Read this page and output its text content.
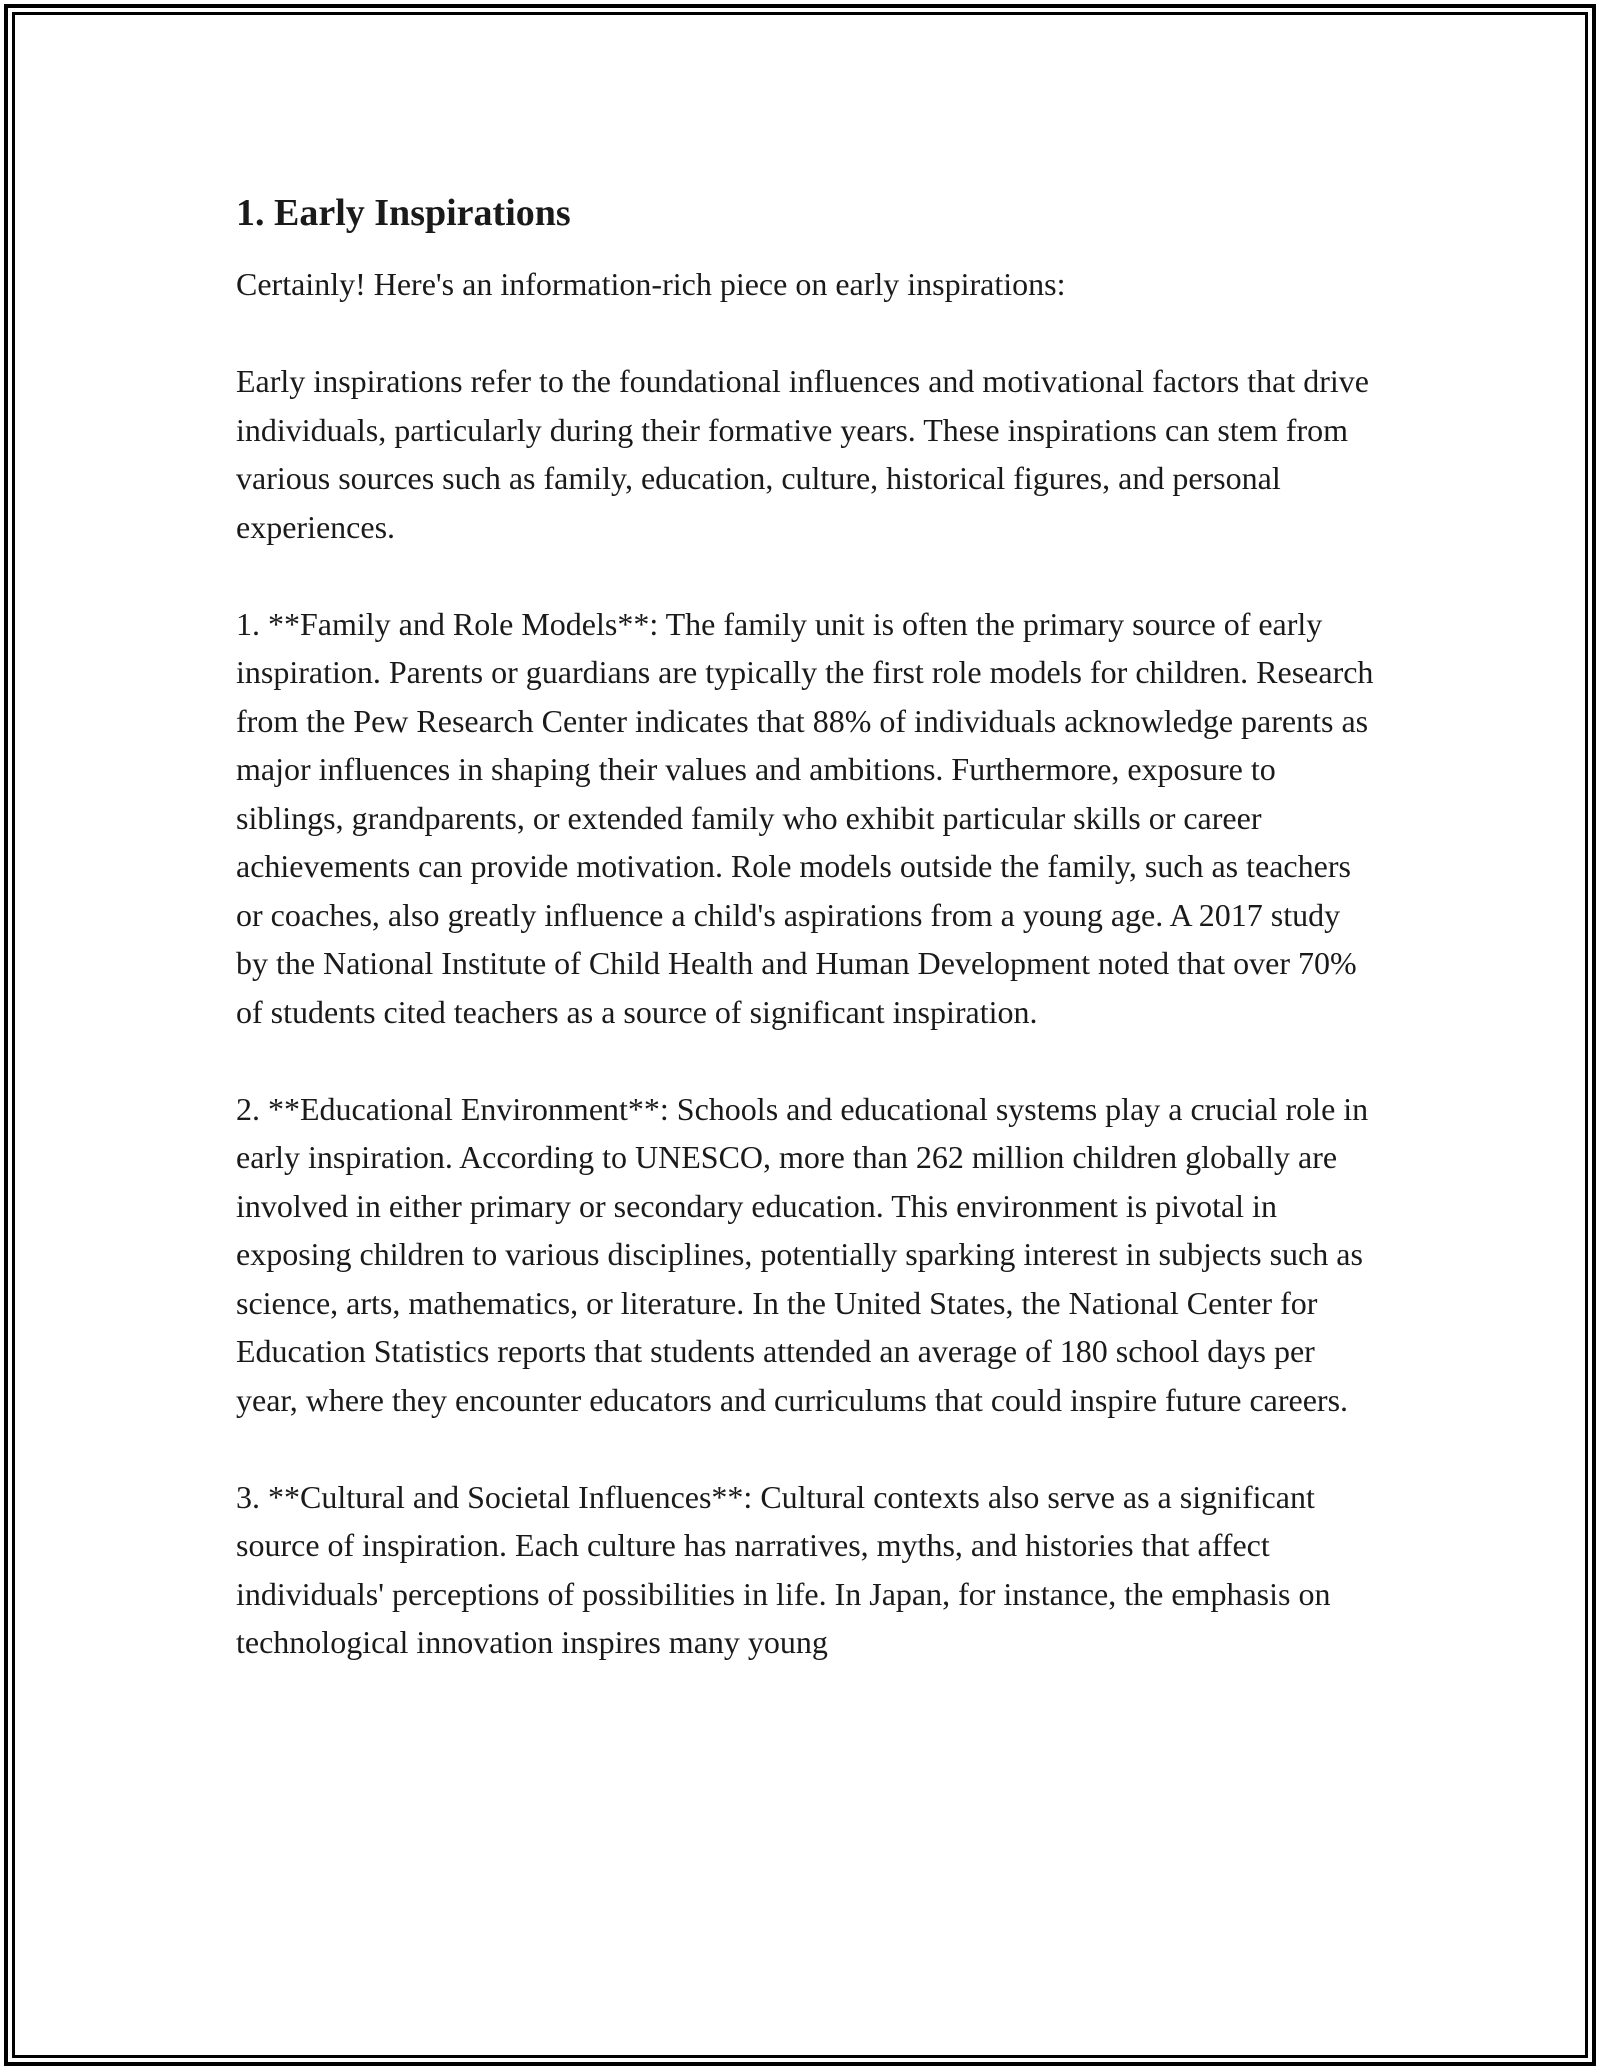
1. Early Inspirations

Certainly! Here's an information-rich piece on early inspirations:

Early inspirations refer to the foundational influences and motivational factors that drive individuals, particularly during their formative years. These inspirations can stem from various sources such as family, education, culture, historical figures, and personal experiences.

1. **Family and Role Models**: The family unit is often the primary source of early inspiration. Parents or guardians are typically the first role models for children. Research from the Pew Research Center indicates that 88% of individuals acknowledge parents as major influences in shaping their values and ambitions. Furthermore, exposure to siblings, grandparents, or extended family who exhibit particular skills or career achievements can provide motivation. Role models outside the family, such as teachers or coaches, also greatly influence a child's aspirations from a young age. A 2017 study by the National Institute of Child Health and Human Development noted that over 70% of students cited teachers as a source of significant inspiration.

2. **Educational Environment**: Schools and educational systems play a crucial role in early inspiration. According to UNESCO, more than 262 million children globally are involved in either primary or secondary education. This environment is pivotal in exposing children to various disciplines, potentially sparking interest in subjects such as science, arts, mathematics, or literature. In the United States, the National Center for Education Statistics reports that students attended an average of 180 school days per year, where they encounter educators and curriculums that could inspire future careers.

3. **Cultural and Societal Influences**: Cultural contexts also serve as a significant source of inspiration. Each culture has narratives, myths, and histories that affect individuals' perceptions of possibilities in life. In Japan, for instance, the emphasis on technological innovation inspires many young
